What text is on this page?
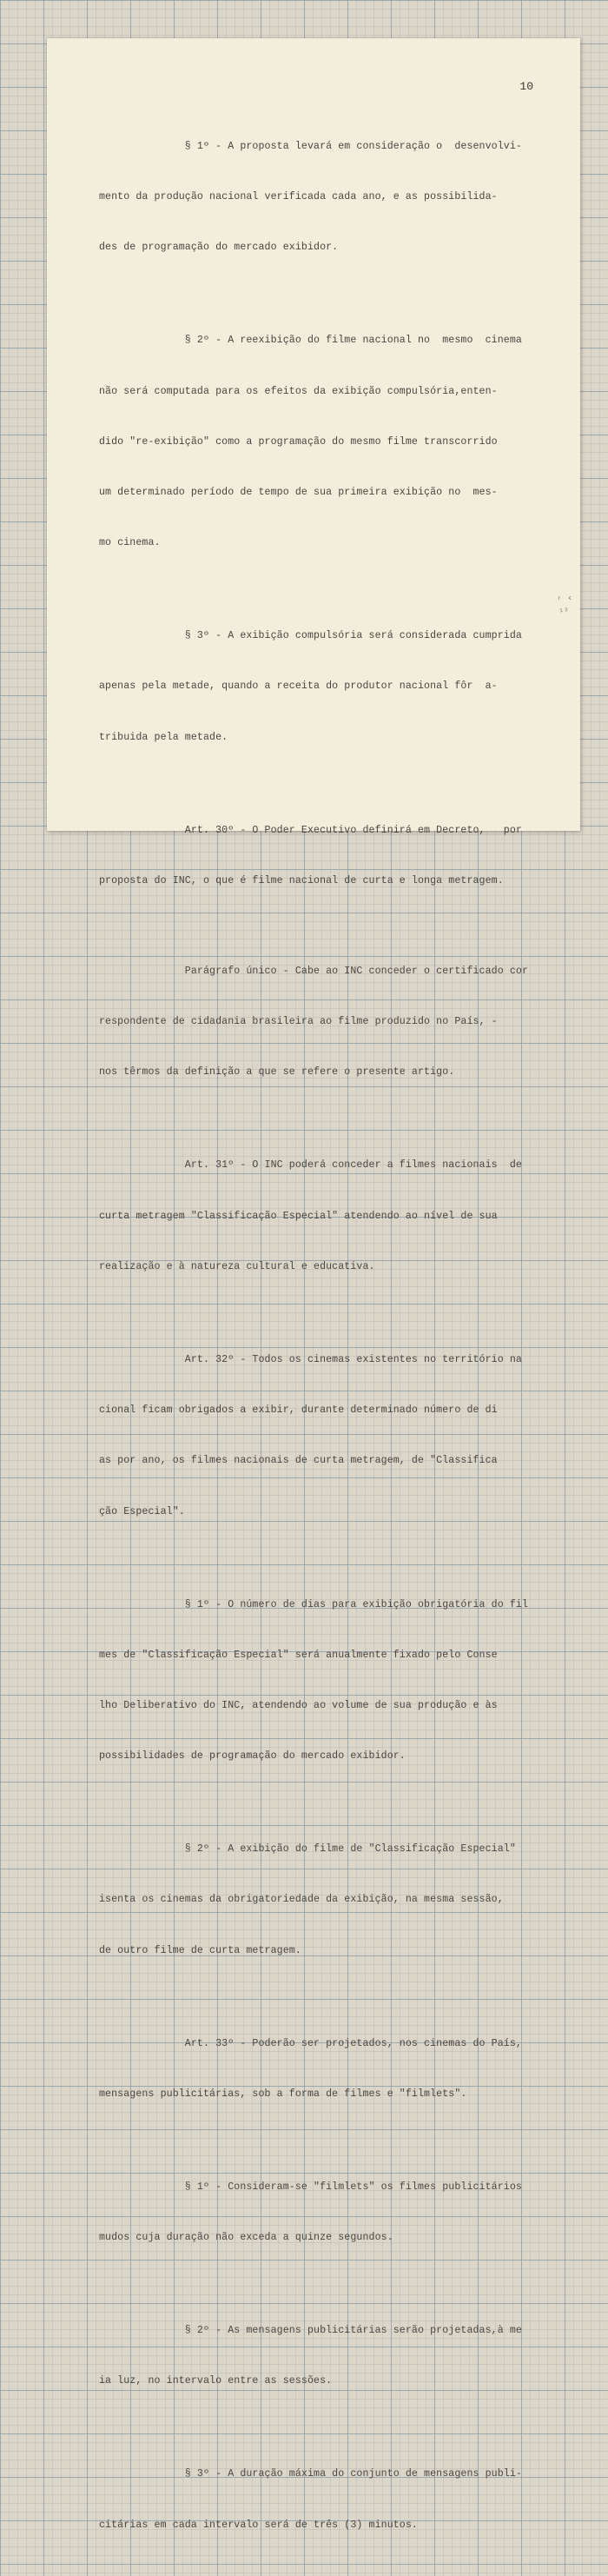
10

§ 1º - A proposta levará em consideração o  desenvolvi-

mento da produção nacional verificada cada ano, e as possibilida-

des de programação do mercado exibidor.

§ 2º - A reexibição do filme nacional no  mesmo  cinema

não será computada para os efeitos da exibição compulsória,enten-

dido "re-exibição" como a programação do mesmo filme transcorrido

um determinado período de tempo de sua primeira exibição no  mes-

mo cinema.

§ 3º - A exibição compulsória será considerada cumprida

apenas pela metade, quando a receita do produtor nacional fôr  a-

tribuida pela metade.

Art. 30º - O Poder Executivo definirá em Decreto,   por

proposta do INC, o que é filme nacional de curta e longa metragem.

Parágrafo único - Cabe ao INC conceder o certificado cor

respondente de cidadania brasileira ao filme produzido no País, -

nos têrmos da definição a que se refere o presente artigo.

Art. 31º - O INC poderá conceder a filmes nacionais  de

curta metragem "Classificação Especial" atendendo ao nível de sua

realização e à natureza cultural e educativa.

Art. 32º - Todos os cinemas existentes no território na

cional ficam obrigados a exibir, durante determinado número de di

as por ano, os filmes nacionais de curta metragem, de "Classifica

ção Especial".

§ 1º - O número de dias para exibição obrigatória do fil

mes de "Classificação Especial" será anualmente fixado pelo Conse

lho Deliberativo do INC, atendendo ao volume de sua produção e às

possibilidades de programação do mercado exibidor.

§ 2º - A exibição do filme de "Classificação Especial"

isenta os cinemas da obrigatoriedade da exibição, na mesma sessão,

de outro filme de curta metragem.

Art. 33º - Poderão ser projetados, nos cinemas do País,

mensagens publicitárias, sob a forma de filmes e "filmlets".

§ 1º - Consideram-se "filmlets" os filmes publicitários

mudos cuja duração não exceda a quinze segundos.

§ 2º - As mensagens publicitárias serão projetadas,à me

ia luz, no intervalo entre as sessões.

§ 3º - A duração máxima do conjunto de mensagens publi-

citárias em cada intervalo será de três (3) minutos.

ʳ ‹ ₁₃
